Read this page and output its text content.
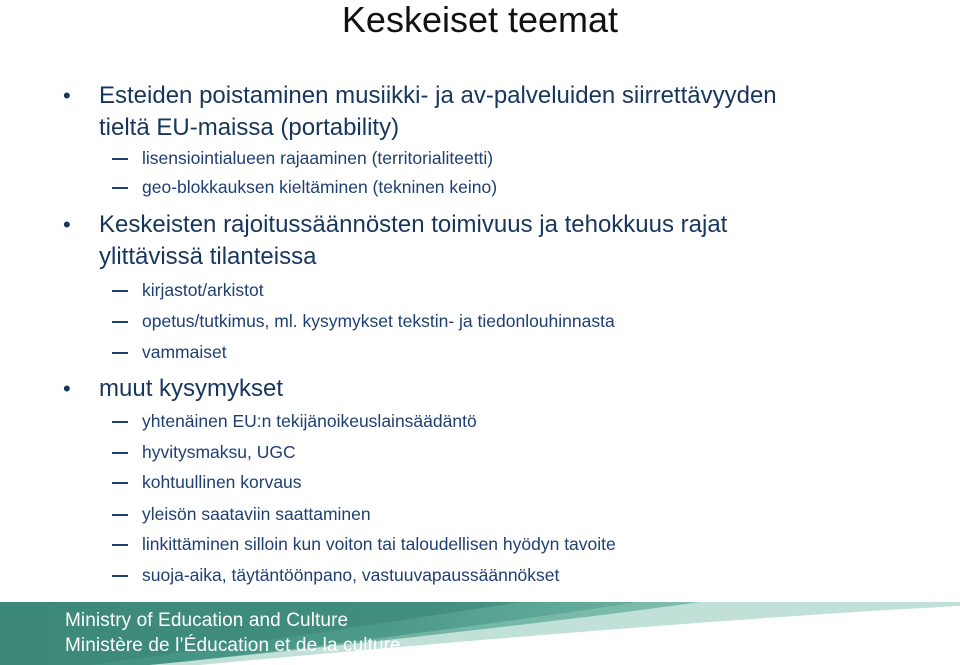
Keskeiset teemat
• Esteiden poistaminen musiikki- ja av-palveluiden siirrettävyyden
tieltä EU-maissa (portability)
lisensiointialueen rajaaminen (territorialiteetti)
geo-blokkauksen kieltäminen (tekninen keino)
• Keskeisten rajoitussäännösten toimivuus ja tehokkuus rajat
ylittävissä tilanteissa
kirjastot/arkistot
opetus/tutkimus, ml. kysymykset tekstin- ja tiedonlouhinnasta
vammaiset
• muut kysymykset
yhtenäinen EU:n tekijänoikeuslainsäädäntö
hyvitysmaksu, UGC
kohtuullinen korvaus
yleisön saataviin saattaminen
linkittäminen silloin kun voiton tai taloudellisen hyödyn tavoite
suoja-aika, täytäntöönpano, vastuuvapaussäännökset
Ministry of Education and Culture
Ministère de l’Éducation et de la culture
